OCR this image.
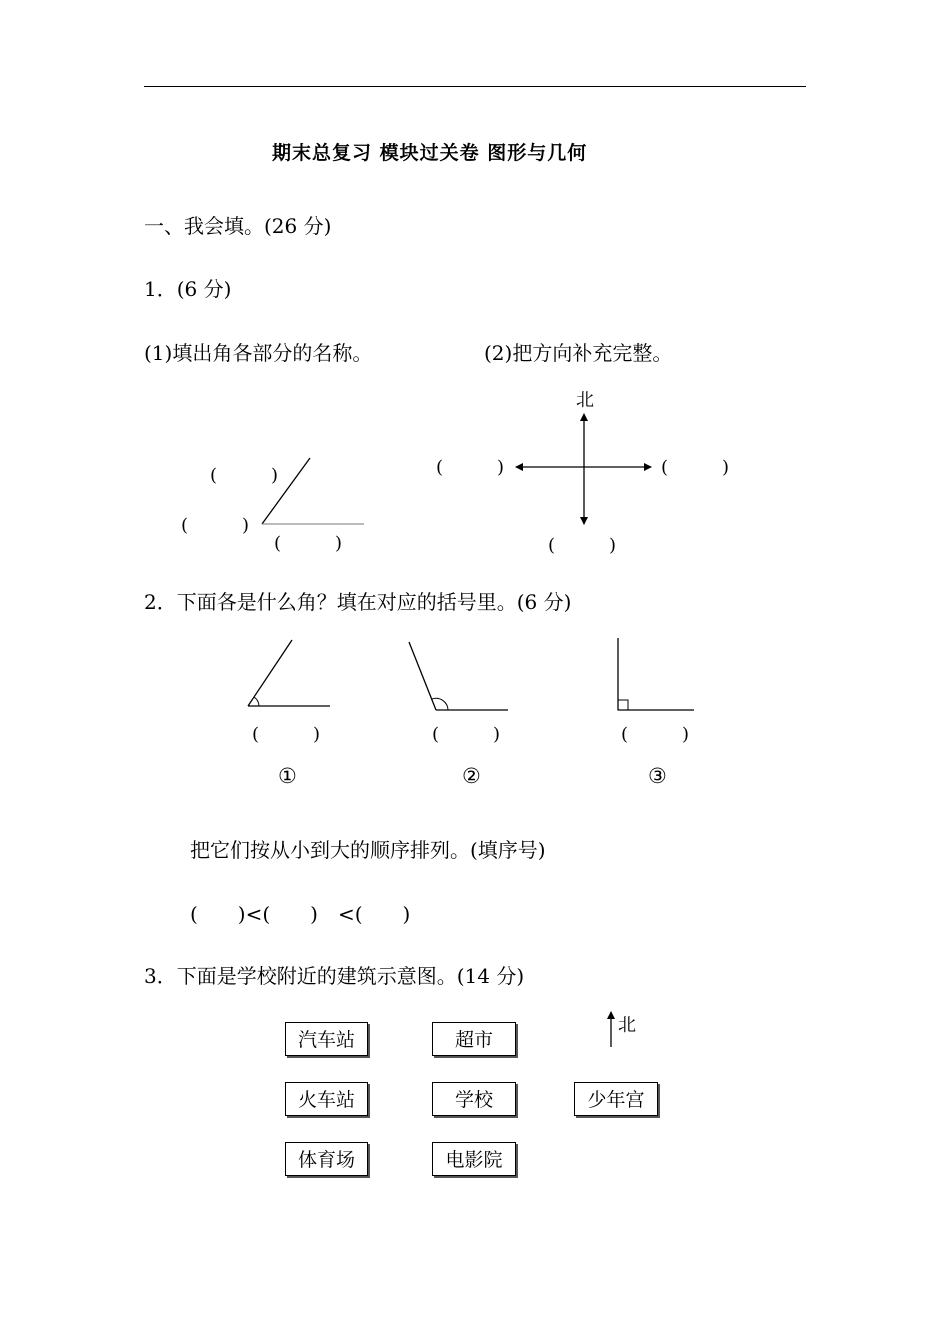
期末总复习 模块过关卷 图形与几何
一、我会填。(26 分)
1．(6 分)
(1)填出角各部分的名称。	(2)把方向补充完整。
北
(　　　)
(　　　)
(　　　)
(　　　)	(　　　)
(　　　)
2．下面各是什么角？填在对应的括号里。(6 分)
(　　　)	(　　　)	(　　　)
①	②	③
把它们按从小到大的顺序排列。(填序号)
(　　)<(　　)　<(　　)
3．下面是学校附近的建筑示意图。(14 分)
北
汽车站	超市
火车站	学校	少年宫
体育场	电影院
